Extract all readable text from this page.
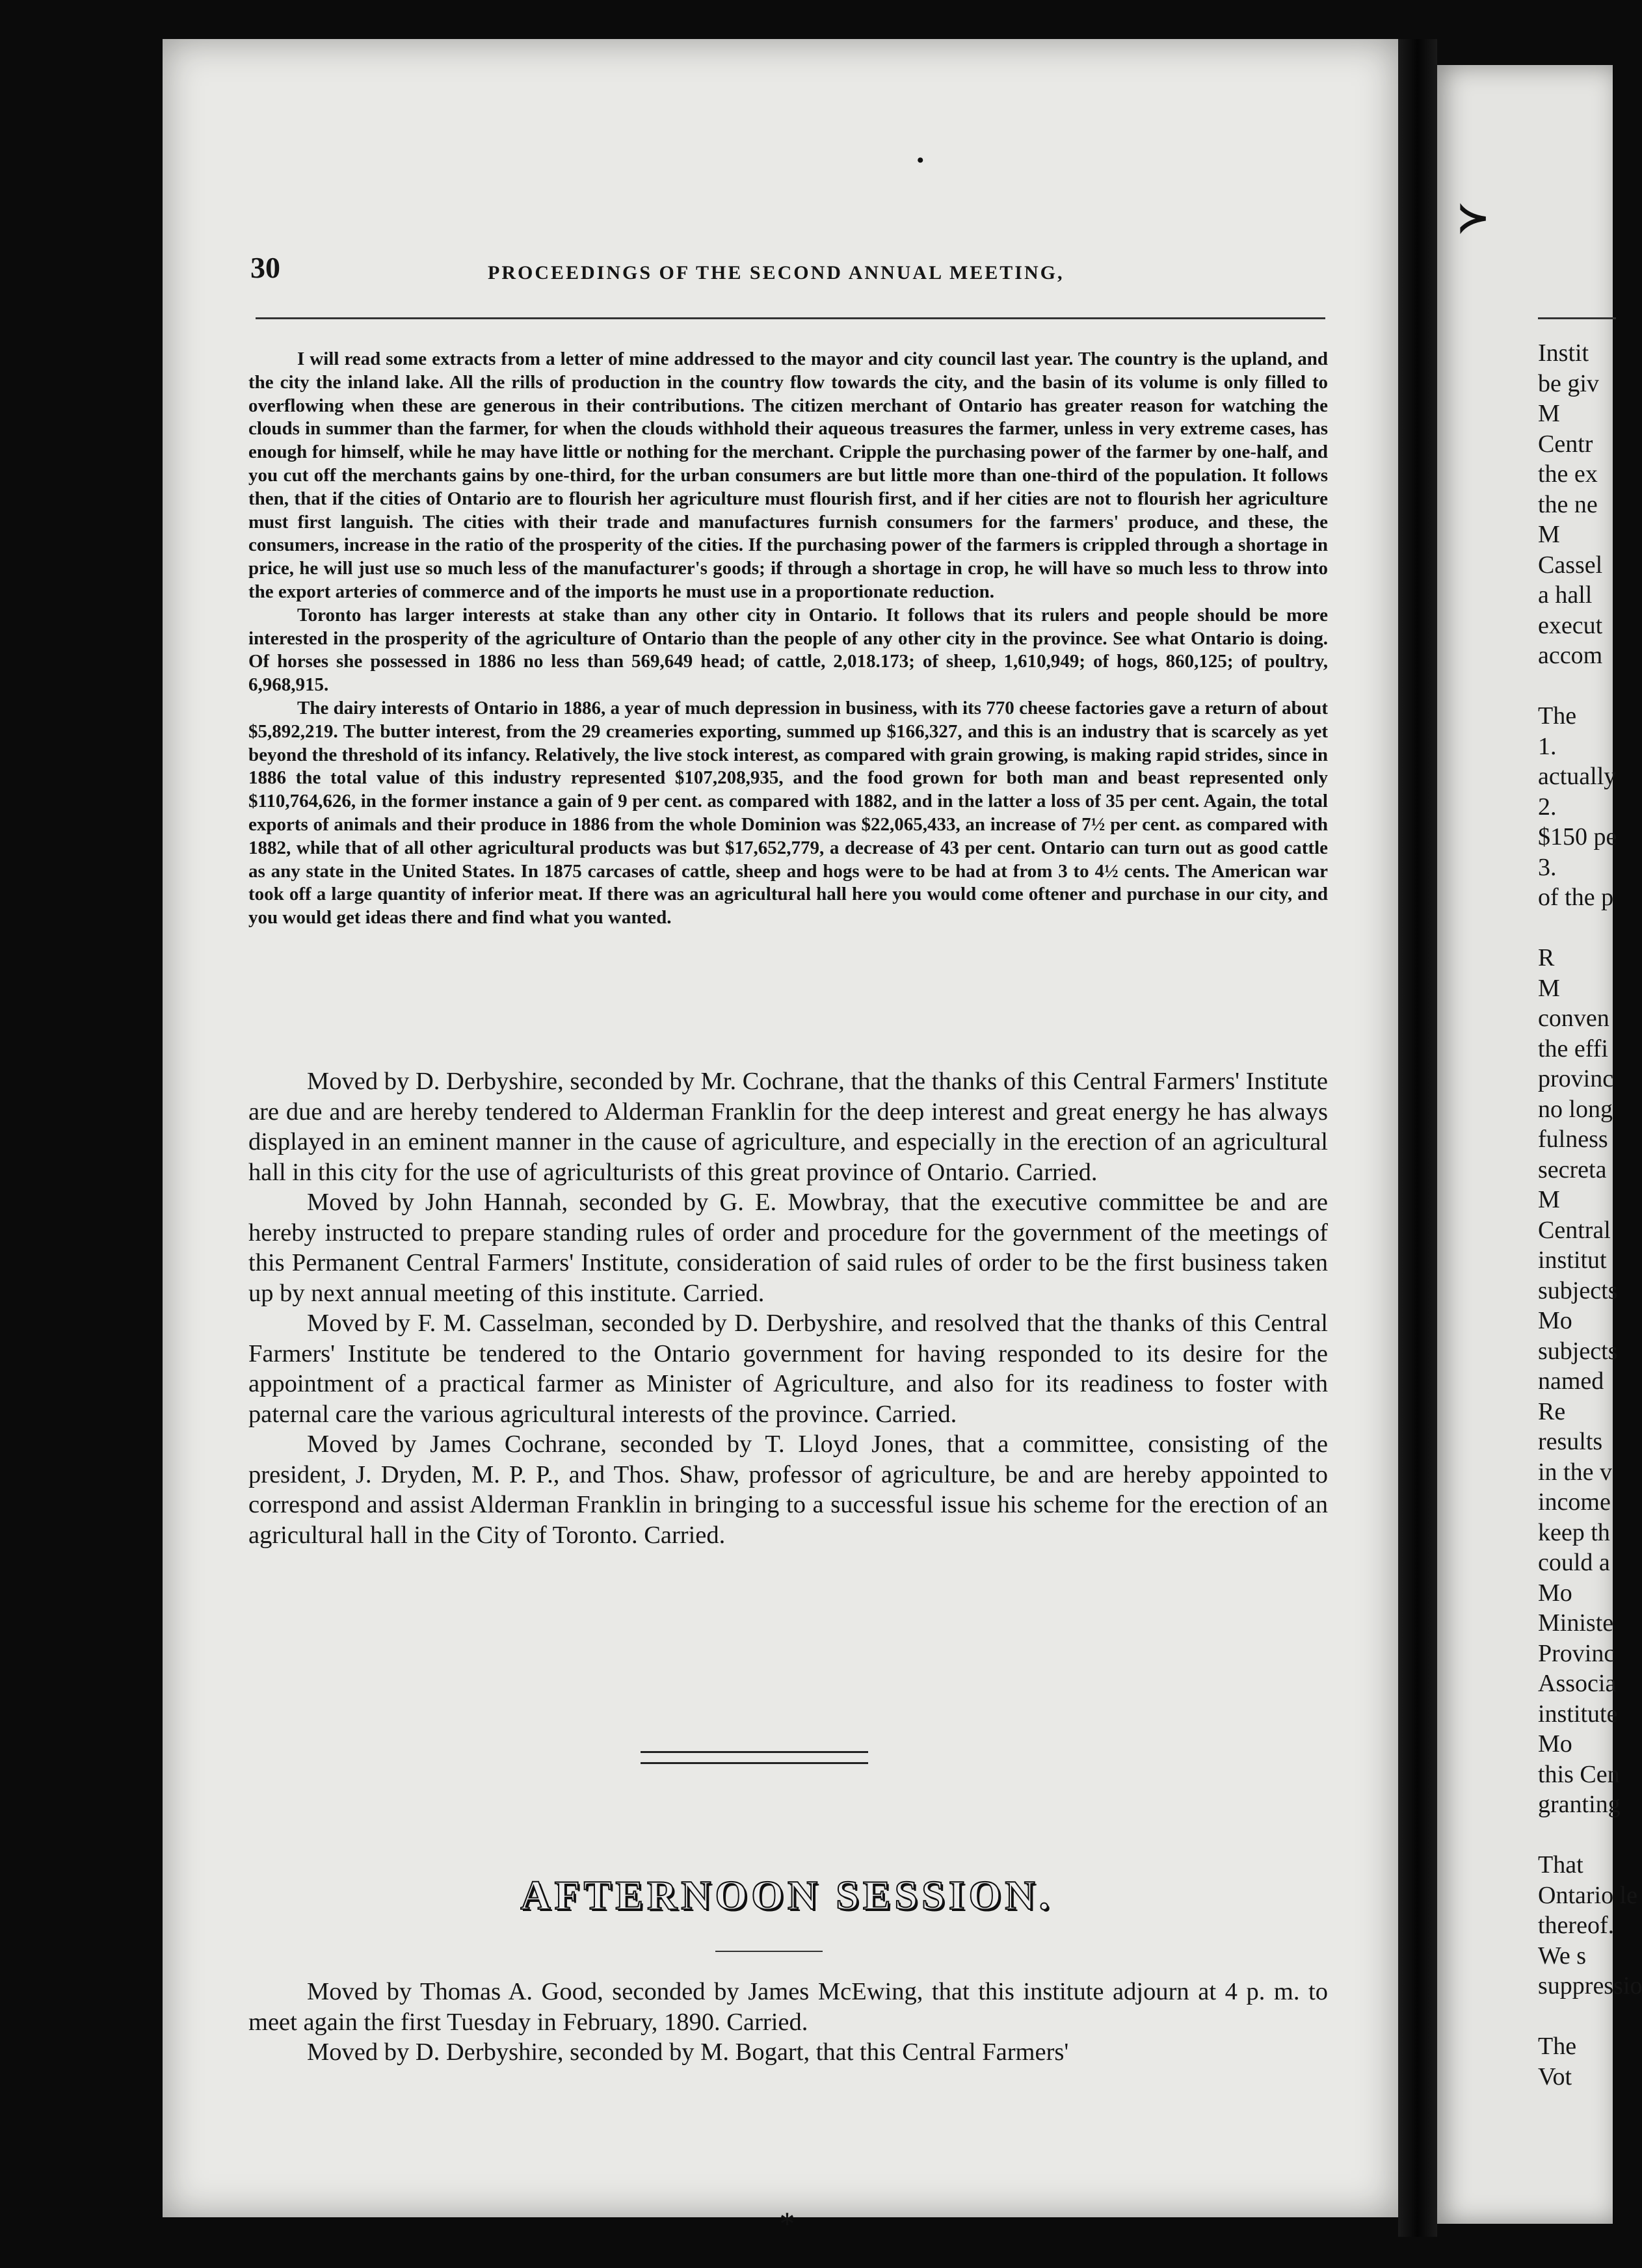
30	PROCEEDINGS OF THE SECOND ANNUAL MEETING,

I will read some extracts from a letter of mine addressed to the mayor and city council last year. The country is the upland, and the city the inland lake. All the rills of production in the country flow towards the city, and the basin of its volume is only filled to overflowing when these are generous in their contributions. The citizen merchant of Ontario has greater reason for watching the clouds in summer than the farmer, for when the clouds withhold their aqueous treasures the farmer, unless in very extreme cases, has enough for himself, while he may have little or nothing for the merchant. Cripple the purchasing power of the farmer by one-half, and you cut off the merchants gains by one-third, for the urban consumers are but little more than one-third of the population. It follows then, that if the cities of Ontario are to flourish her agriculture must flourish first, and if her cities are not to flourish her agriculture must first languish. The cities with their trade and manufactures furnish consumers for the farmers' produce, and these, the consumers, increase in the ratio of the prosperity of the cities. If the purchasing power of the farmers is crippled through a shortage in price, he will just use so much less of the manufacturer's goods; if through a shortage in crop, he will have so much less to throw into the export arteries of commerce and of the imports he must use in a proportionate reduction.

Toronto has larger interests at stake than any other city in Ontario. It follows that its rulers and people should be more interested in the prosperity of the agriculture of Ontario than the people of any other city in the province. See what Ontario is doing. Of horses she possessed in 1886 no less than 569,649 head; of cattle, 2,018.173; of sheep, 1,610,949; of hogs, 860,125; of poultry, 6,968,915.

The dairy interests of Ontario in 1886, a year of much depression in business, with its 770 cheese factories gave a return of about $5,892,219. The butter interest, from the 29 creameries exporting, summed up $166,327, and this is an industry that is scarcely as yet beyond the threshold of its infancy. Relatively, the live stock interest, as compared with grain growing, is making rapid strides, since in 1886 the total value of this industry represented $107,208,935, and the food grown for both man and beast represented only $110,764,626, in the former instance a gain of 9 per cent. as compared with 1882, and in the latter a loss of 35 per cent. Again, the total exports of animals and their produce in 1886 from the whole Dominion was $22,065,433, an increase of 7½ per cent. as compared with 1882, while that of all other agricultural products was but $17,652,779, a decrease of 43 per cent. Ontario can turn out as good cattle as any state in the United States. In 1875 carcases of cattle, sheep and hogs were to be had at from 3 to 4½ cents. The American war took off a large quantity of inferior meat. If there was an agricultural hall here you would come oftener and purchase in our city, and you would get ideas there and find what you wanted.

Moved by D. Derbyshire, seconded by Mr. Cochrane, that the thanks of this Central Farmers' Institute are due and are hereby tendered to Alderman Franklin for the deep interest and great energy he has always displayed in an eminent manner in the cause of agriculture, and especially in the erection of an agricultural hall in this city for the use of agriculturists of this great province of Ontario. Carried.

Moved by John Hannah, seconded by G. E. Mowbray, that the executive committee be and are hereby instructed to prepare standing rules of order and procedure for the government of the meetings of this Permanent Central Farmers' Institute, consideration of said rules of order to be the first business taken up by next annual meeting of this institute. Carried.

Moved by F. M. Casselman, seconded by D. Derbyshire, and resolved that the thanks of this Central Farmers' Institute be tendered to the Ontario government for having responded to its desire for the appointment of a practical farmer as Minister of Agriculture, and also for its readiness to foster with paternal care the various agricultural interests of the province. Carried.

Moved by James Cochrane, seconded by T. Lloyd Jones, that a committee, consisting of the president, J. Dryden, M. P. P., and Thos. Shaw, professor of agriculture, be and are hereby appointed to correspond and assist Alderman Franklin in bringing to a successful issue his scheme for the erection of an agricultural hall in the City of Toronto. Carried.

AFTERNOON SESSION.

Moved by Thomas A. Good, seconded by James McEwing, that this institute adjourn at 4 p. m. to meet again the first Tuesday in February, 1890. Carried.

Moved by D. Derbyshire, seconded by M. Bogart, that this Central Farmers'

Instit
be giv
M
Centr
the ex
the ne
M
Cassel
a hall
execut
accom

The
1.
actually
2.
$150 pe
3.
of the p

R
M
conven
the effi
provinc
no long
fulness
secreta
M
Central
institut
subjects
Mo
subjects
named
Re
results
in the v
income
keep th
could a
Mo
Ministe
Provinc
Associa
institute
Mo
this Cen
granting

That
Ontario le
thereof.
We s
suppressio

The
Vot
•
≻
⁎
